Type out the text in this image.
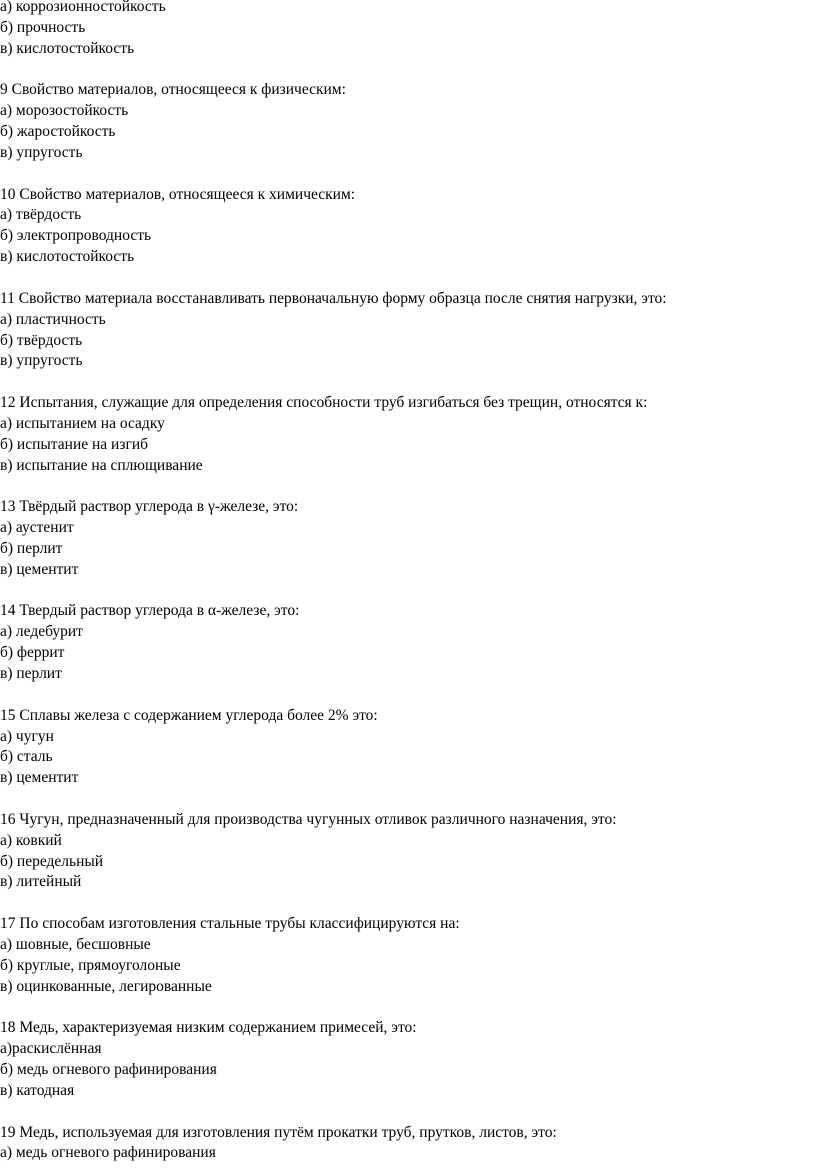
а) коррозионностойкость
б) прочность
в) кислотостойкость
9 Свойство материалов, относящееся к физическим:
а) морозостойкость
б) жаростойкость
в) упругость
10 Свойство материалов, относящееся к химическим:
а) твёрдость
б) электропроводность
в) кислотостойкость
11 Свойство материала восстанавливать первоначальную форму образца после снятия нагрузки, это:
а) пластичность
б) твёрдость
в) упругость
12 Испытания, служащие для определения способности труб изгибаться без трещин, относятся к:
а) испытанием на осадку
б) испытание на изгиб
в) испытание на сплющивание
13 Твёрдый раствор углерода в γ-железе, это:
а) аустенит
б) перлит
в) цементит
14 Твердый раствор углерода в α-железе, это:
а) ледебурит
б) феррит
в) перлит
15 Сплавы железа с содержанием углерода более 2% это:
а) чугун
б) сталь
в) цементит
16 Чугун, предназначенный для производства чугунных отливок различного назначения, это:
а) ковкий
б) передельный
в) литейный
17 По способам изготовления стальные трубы классифицируются на:
а) шовные, бесшовные
б) круглые, прямоуголоные
в) оцинкованные, легированные
18 Медь, характеризуемая низким содержанием примесей, это:
а)раскислённая
б) медь огневого рафинирования
в) катодная
19 Медь, используемая для изготовления путём прокатки труб, прутков, листов, это:
а) медь огневого рафинирования
